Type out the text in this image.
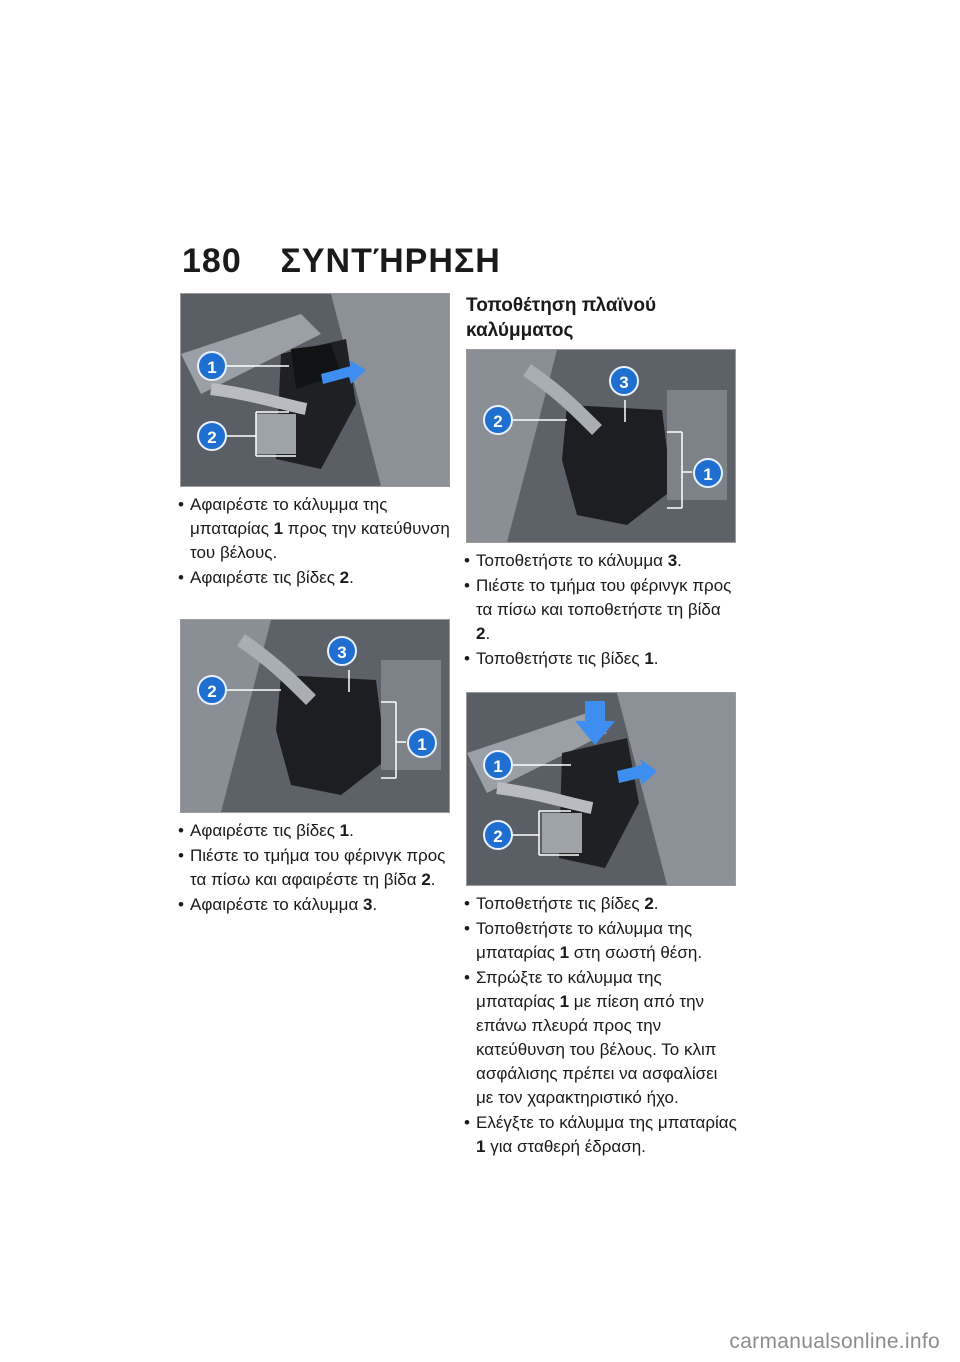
180 ΣΥΝΤΉΡΗΣΗ
1
2
• Αφαιρέστε το κάλυμμα της μπαταρίας 1 προς την κατεύθυνση του βέλους.
• Αφαιρέστε τις βίδες 2.
2
3
1
• Αφαιρέστε τις βίδες 1.
• Πιέστε το τμήμα του φέρινγκ προς τα πίσω και αφαιρέστε τη βίδα 2.
• Αφαιρέστε το κάλυμμα 3.
Τοποθέτηση πλαϊνού καλύμματος
2
3
1
• Τοποθετήστε το κάλυμμα 3.
• Πιέστε το τμήμα του φέρινγκ προς τα πίσω και τοποθετήστε τη βίδα 2.
• Τοποθετήστε τις βίδες 1.
1
2
• Τοποθετήστε τις βίδες 2.
• Τοποθετήστε το κάλυμμα της μπαταρίας 1 στη σωστή θέση.
• Σπρώξτε το κάλυμμα της μπαταρίας 1 με πίεση από την επάνω πλευρά προς την κατεύθυνση του βέλους. Το κλιπ ασφάλισης πρέπει να ασφαλίσει με τον χαρακτηριστικό ήχο.
• Ελέγξτε το κάλυμμα της μπαταρίας 1 για σταθερή έδραση.
carmanualsonline.info
